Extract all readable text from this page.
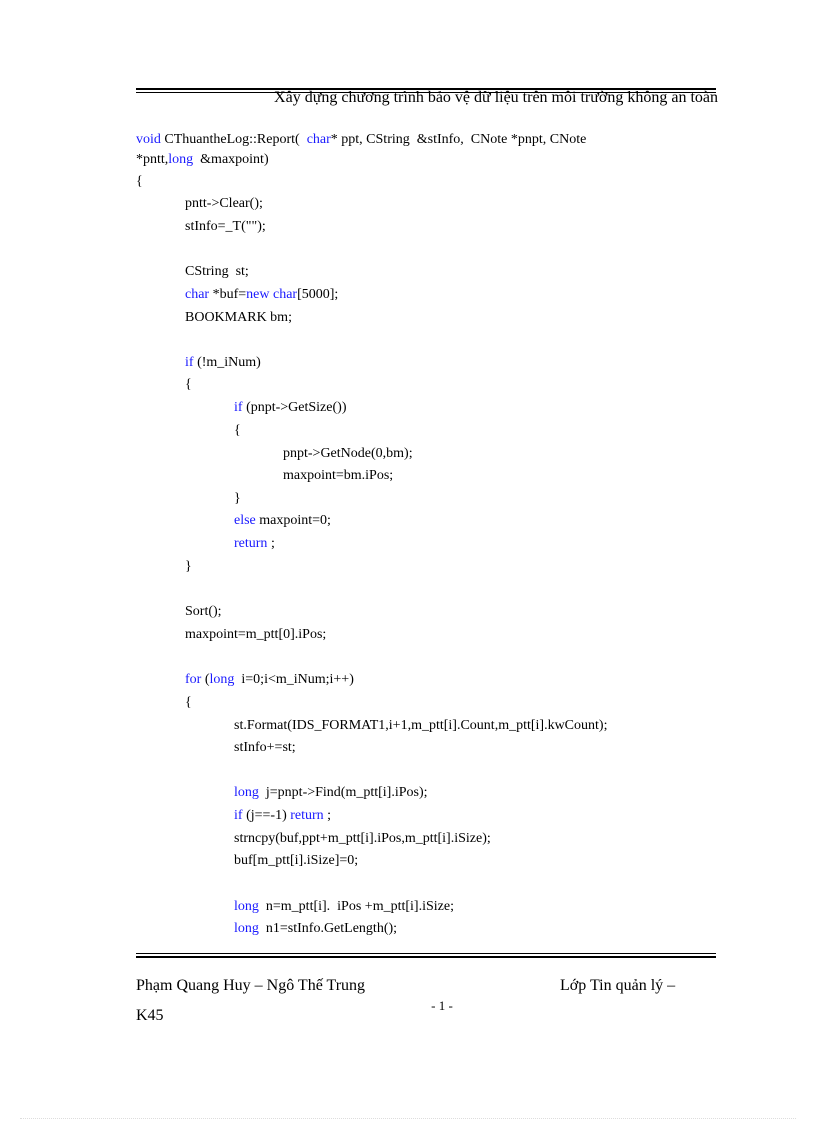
Xây dựng chương trình bảo vệ dữ liệu trên môi trường không an toàn
void CThuantheLog::Report(  char* ppt, CString  &stInfo,  CNote *pnpt, CNote
*pntt,long  &maxpoint)
{
pntt->Clear();
stInfo=_T("");
CString  st;
char *buf=new char[5000];
BOOKMARK bm;
if (!m_iNum)
{
if (pnpt->GetSize())
{
pnpt->GetNode(0,bm);
maxpoint=bm.iPos;
}
else maxpoint=0;
return ;
}
Sort();
maxpoint=m_ptt[0].iPos;
for (long  i=0;i<m_iNum;i++)
{
st.Format(IDS_FORMAT1,i+1,m_ptt[i].Count,m_ptt[i].kwCount);
stInfo+=st;
long  j=pnpt->Find(m_ptt[i].iPos);
if (j==-1) return ;
strncpy(buf,ppt+m_ptt[i].iPos,m_ptt[i].iSize);
buf[m_ptt[i].iSize]=0;
long  n=m_ptt[i].  iPos +m_ptt[i].iSize;
long  n1=stInfo.GetLength();
Phạm Quang Huy – Ngô Thế Trung	Lớp Tin quản lý –
K45
- 1 -
